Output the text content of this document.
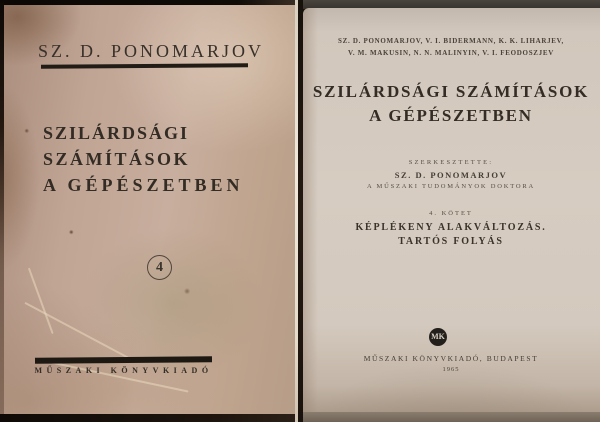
SZ. D. PONOMARJOV
SZILÁRDSÁGI
SZÁMÍTÁSOK
A GÉPÉSZETBEN
4
MŰSZAKI KÖNYVKIADÓ
SZ. D. PONOMARJOV, V. I. BIDERMANN, K. K. LIHARJEV,
V. M. MAKUSIN, N. N. MALINYIN, V. I. FEODOSZJEV
SZILÁRDSÁGI SZÁMÍTÁSOK
A GÉPÉSZETBEN
SZERKESZTETTE:
SZ. D. PONOMARJOV
A MŰSZAKI TUDOMÁNYOK DOKTORA
4. KÖTET
KÉPLÉKENY ALAKVÁLTOZÁS.
TARTÓS FOLYÁS
MK
MŰSZAKI KÖNYVKIADÓ, BUDAPEST
1965
